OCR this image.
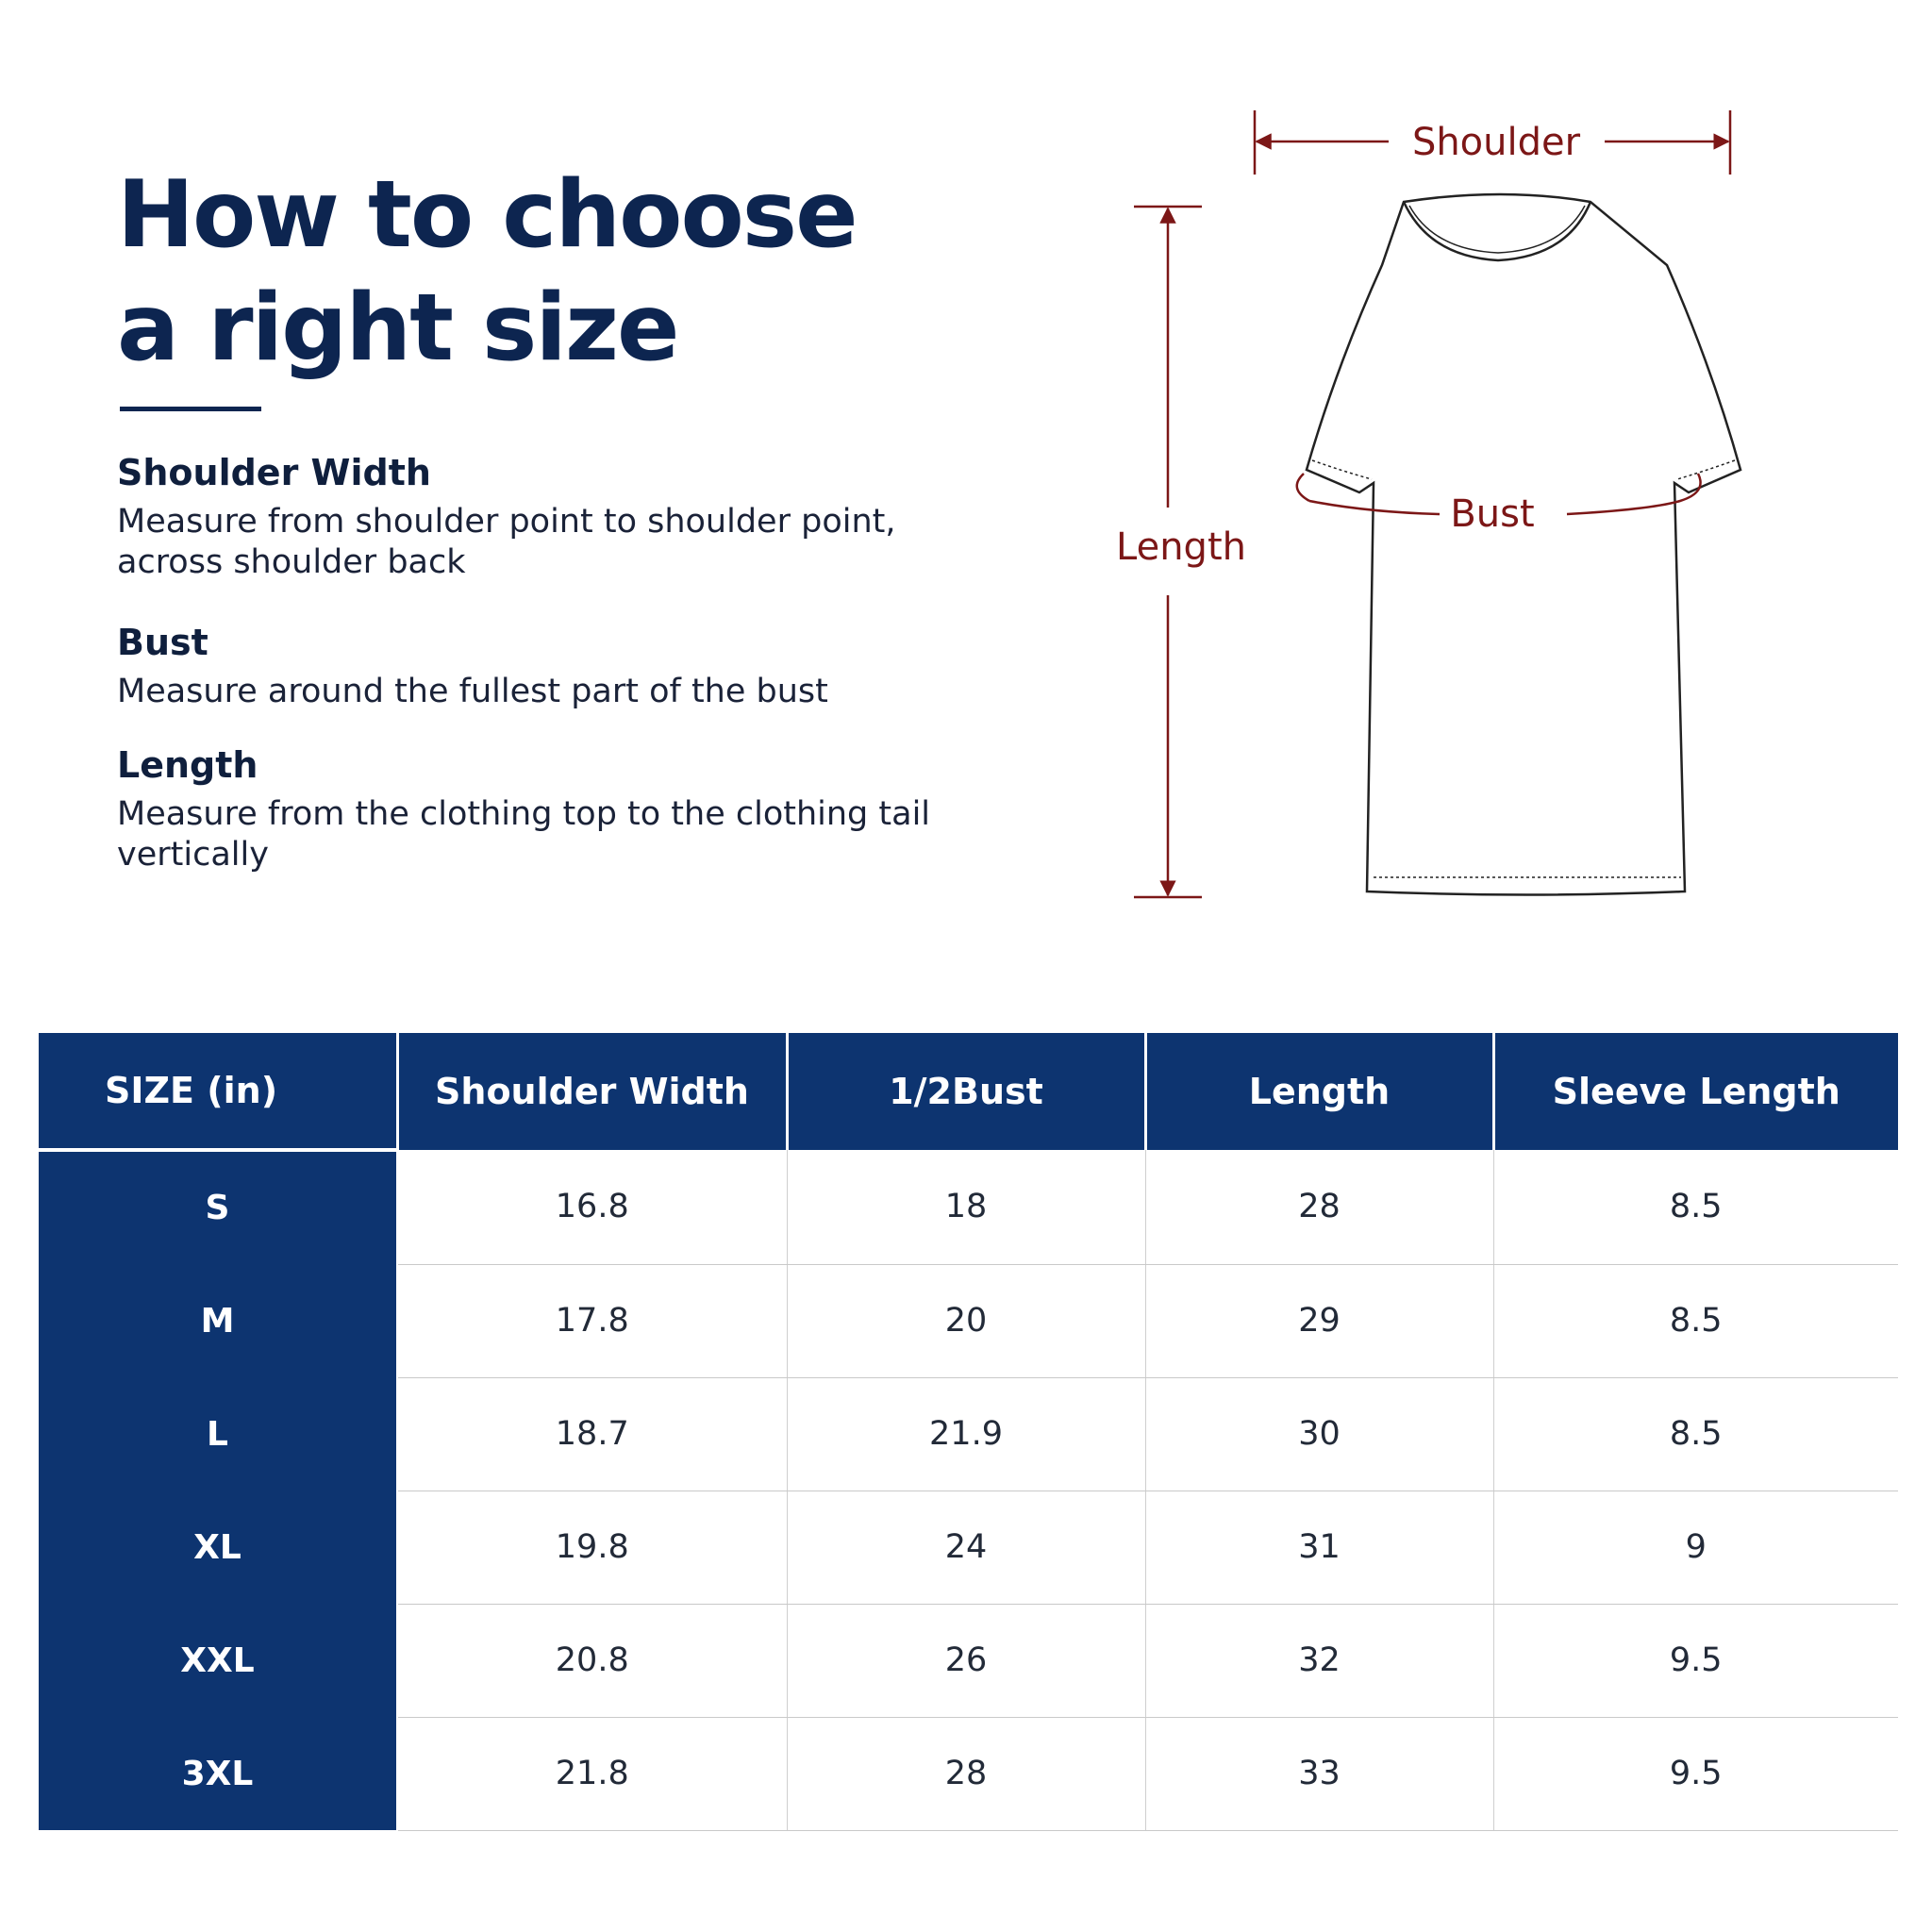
How to choose
a right size
Shoulder Width

Measure from shoulder point to shoulder point, across shoulder back

Bust

Measure around the fullest part of the bust

Length

Measure from the clothing top to the clothing tail vertically

Shoulder
Length
Bust
SIZE (in)	Shoulder Width	1/2Bust	Length	Sleeve Length
S	16.8	18	28	8.5
M	17.8	20	29	8.5
L	18.7	21.9	30	8.5
XL	19.8	24	31	9
XXL	20.8	26	32	9.5
3XL	21.8	28	33	9.5
